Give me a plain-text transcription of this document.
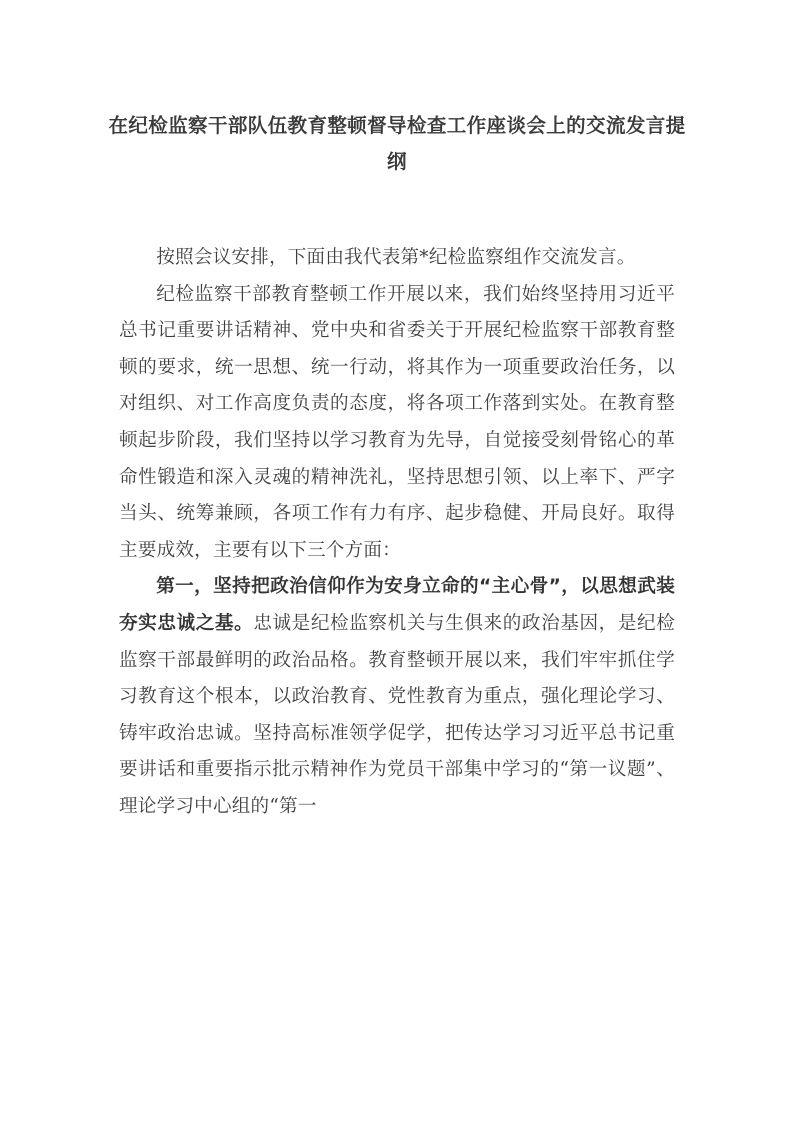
在纪检监察干部队伍教育整顿督导检查工作座谈会上的交流发言提纲

按照会议安排，下面由我代表第*纪检监察组作交流发言。

纪检监察干部教育整顿工作开展以来，我们始终坚持用习近平总书记重要讲话精神、党中央和省委关于开展纪检监察干部教育整顿的要求，统一思想、统一行动，将其作为一项重要政治任务，以对组织、对工作高度负责的态度，将各项工作落到实处。在教育整顿起步阶段，我们坚持以学习教育为先导，自觉接受刻骨铭心的革命性锻造和深入灵魂的精神洗礼，坚持思想引领、以上率下、严字当头、统筹兼顾，各项工作有力有序、起步稳健、开局良好。取得主要成效，主要有以下三个方面：

第一，坚持把政治信仰作为安身立命的“主心骨”，以思想武装夯实忠诚之基。忠诚是纪检监察机关与生俱来的政治基因，是纪检监察干部最鲜明的政治品格。教育整顿开展以来，我们牢牢抓住学习教育这个根本，以政治教育、党性教育为重点，强化理论学习、铸牢政治忠诚。坚持高标准领学促学，把传达学习习近平总书记重要讲话和重要指示批示精神作为党员干部集中学习的“第一议题”、理论学习中心组的“第一
